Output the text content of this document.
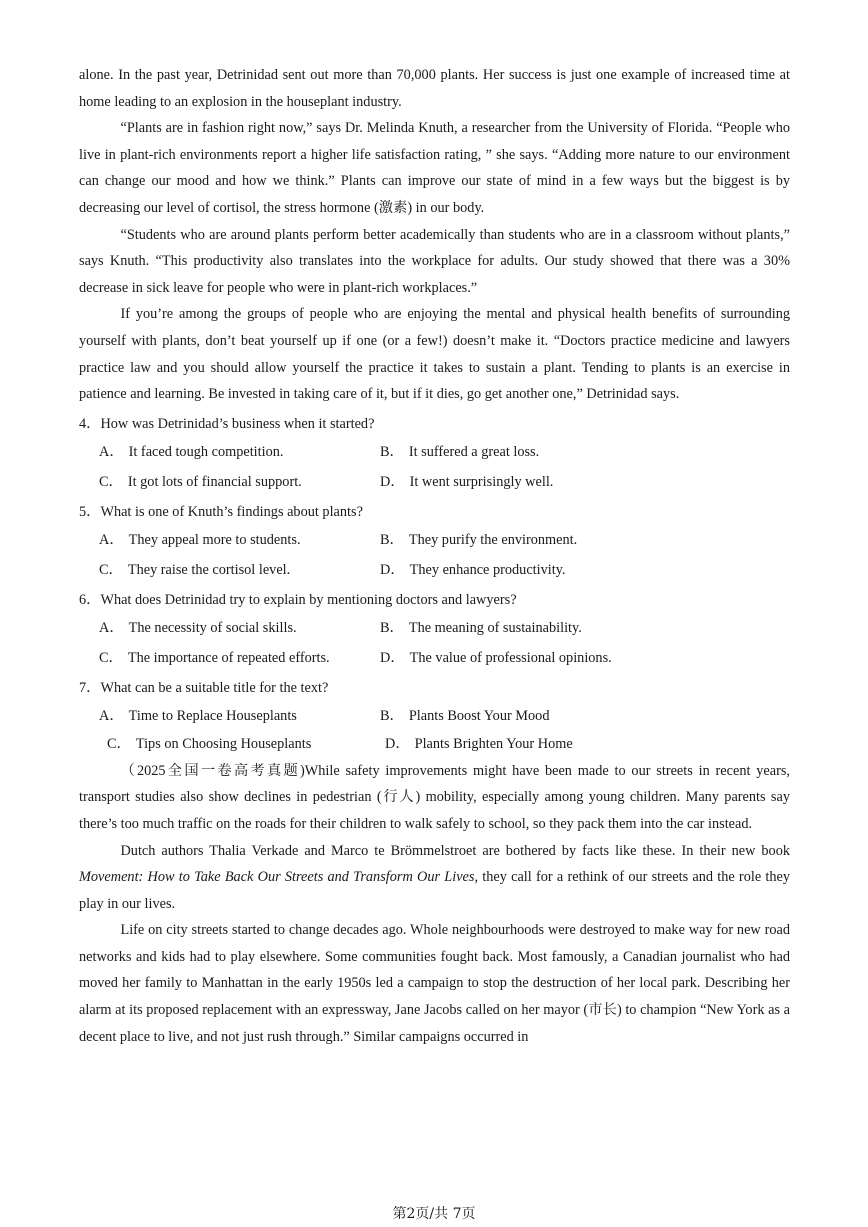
alone. In the past year, Detrinidad sent out more than 70,000 plants. Her success is just one example of increased time at home leading to an explosion in the houseplant industry.

“Plants are in fashion right now,” says Dr. Melinda Knuth, a researcher from the University of Florida. “People who live in plant-rich environments report a higher life satisfaction rating, ” she says. “Adding more nature to our environment can change our mood and how we think.” Plants can improve our state of mind in a few ways but the biggest is by decreasing our level of cortisol, the stress hormone (激素) in our body.

“Students who are around plants perform better academically than students who are in a classroom without plants,” says Knuth. “This productivity also translates into the workplace for adults. Our study showed that there was a 30% decrease in sick leave for people who were in plant-rich workplaces.”

If you’re among the groups of people who are enjoying the mental and physical health benefits of surrounding yourself with plants, don’t beat yourself up if one (or a few!) doesn’t make it. “Doctors practice medicine and lawyers practice law and you should allow yourself the practice it takes to sustain a plant. Tending to plants is an exercise in patience and learning. Be invested in taking care of it, but if it dies, go get another one,” Detrinidad says.

4．How was Detrinidad’s business when it started?

A． It faced tough competition.	B． It suffered a great loss.
C． It got lots of financial support.	D． It went surprisingly well.

5．What is one of Knuth’s findings about plants?

A． They appeal more to students.	B． They purify the environment.
C． They raise the cortisol level.	D． They enhance productivity.

6．What does Detrinidad try to explain by mentioning doctors and lawyers?

A． The necessity of social skills.	B． The meaning of sustainability.
C． The importance of repeated efforts.	D． The value of professional opinions.

7．What can be a suitable title for the text?

A． Time to Replace Houseplants	B． Plants Boost Your Mood
C． Tips on Choosing Houseplants	D． Plants Brighten Your Home

（2025全国一卷高考真题)While safety improvements might have been made to our streets in recent years, transport studies also show declines in pedestrian (行人) mobility, especially among young children. Many parents say there’s too much traffic on the roads for their children to walk safely to school, so they pack them into the car instead.

Dutch authors Thalia Verkade and Marco te Brömmelstroet are bothered by facts like these. In their new book Movement: How to Take Back Our Streets and Transform Our Lives, they call for a rethink of our streets and the role they play in our lives.

Life on city streets started to change decades ago. Whole neighbourhoods were destroyed to make way for new road networks and kids had to play elsewhere. Some communities fought back. Most famously, a Canadian journalist who had moved her family to Manhattan in the early 1950s led a campaign to stop the destruction of her local park. Describing her alarm at its proposed replacement with an expressway, Jane Jacobs called on her mayor (市长) to champion “New York as a decent place to live, and not just rush through.” Similar campaigns occurred in

第2页/共 7页
